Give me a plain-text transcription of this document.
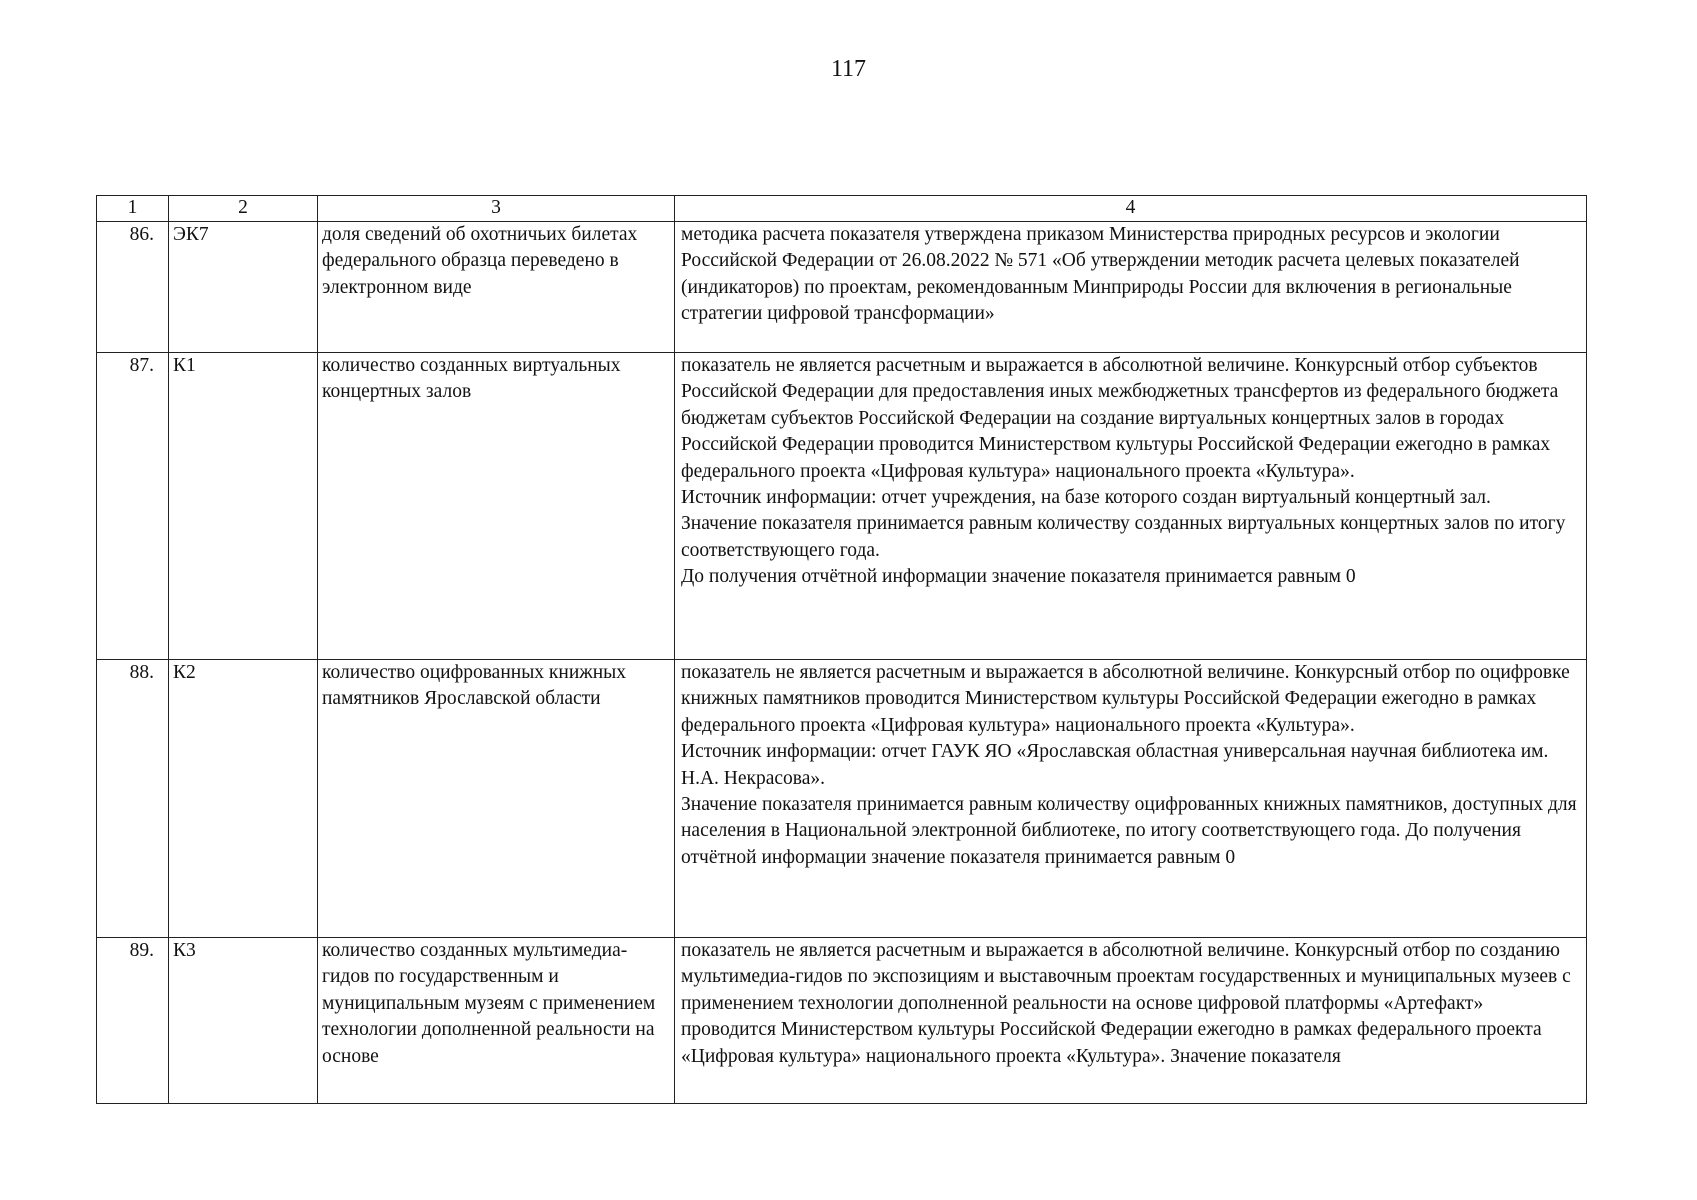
117
1	2	3	4
86.	ЭК7	доля сведений об охотничьих билетах федерального образца переведено в электронном виде	методика расчета показателя утверждена приказом Министерства природных ресурсов и экологии Российской Федерации от 26.08.2022 № 571 «Об утверждении методик расчета целевых показателей (индикаторов) по проектам, рекомендованным Минприроды России для включения в региональные стратегии цифровой трансформации»

87.	К1	количество созданных виртуальных концертных залов	показатель не является расчетным и выражается в абсолютной величине. Конкурсный отбор субъектов Российской Федерации для предоставления иных межбюджетных трансфертов из федерального бюджета бюджетам субъектов Российской Федерации на создание виртуальных концертных залов в городах Российской Федерации проводится Министерством культуры Российской Федерации ежегодно в рамках федерального проекта «Цифровая культура» национального проекта «Культура».
Источник информации: отчет учреждения, на базе которого создан виртуальный концертный зал.
Значение показателя принимается равным количеству созданных виртуальных концертных залов по итогу соответствующего года.
До получения отчётной информации значение показателя принимается равным 0

88.	К2	количество оцифрованных книжных памятников Ярославской области	показатель не является расчетным и выражается в абсолютной величине. Конкурсный отбор по оцифровке книжных памятников проводится Министерством культуры Российской Федерации ежегодно в рамках федерального проекта «Цифровая культура» национального проекта «Культура».
Источник информации: отчет ГАУК ЯО «Ярославская областная универсальная научная библиотека им. Н.А. Некрасова».
Значение показателя принимается равным количеству оцифрованных книжных памятников, доступных для населения в Национальной электронной библиотеке, по итогу соответствующего года. До получения отчётной информации значение показателя принимается равным 0

89.	К3	количество созданных мультимедиа-гидов по государственным и муниципальным музеям с применением технологии дополненной реальности на основе	показатель не является расчетным и выражается в абсолютной величине. Конкурсный отбор по созданию мультимедиа-гидов по экспозициям и выставочным проектам государственных и муниципальных музеев с применением технологии дополненной реальности на основе цифровой платформы «Артефакт» проводится Министерством культуры Российской Федерации ежегодно в рамках федерального проекта «Цифровая культура» национального проекта «Культура». Значение показателя
